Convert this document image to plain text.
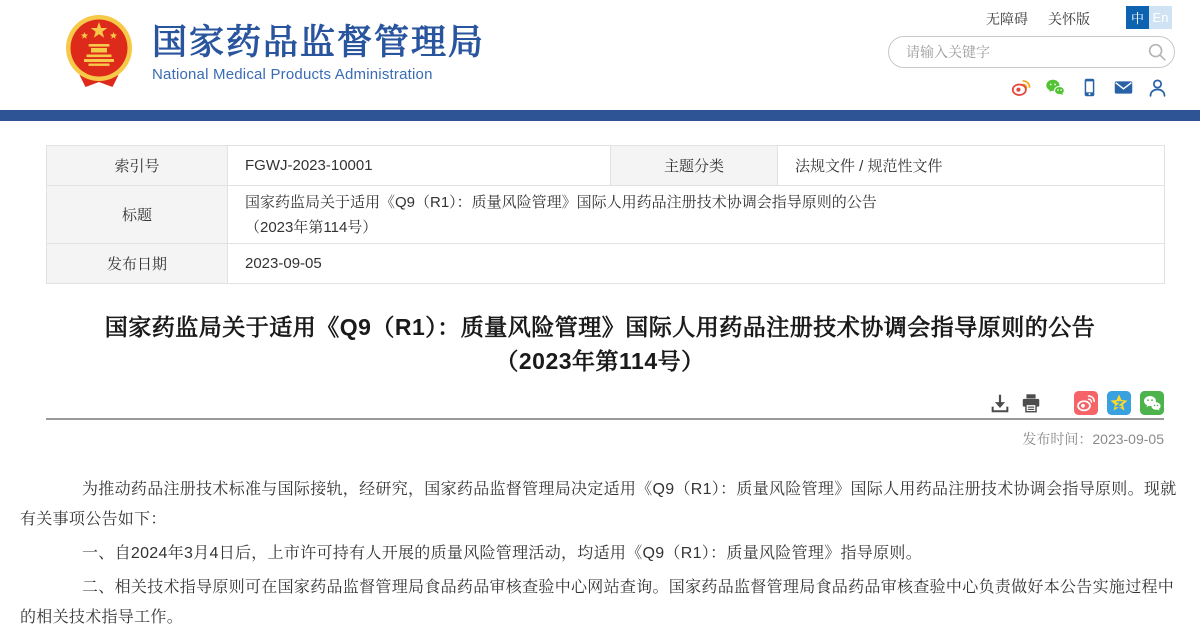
国家药品监督管理局
National Medical Products Administration
无障碍 关怀版	中 En
请输入关键字
索引号	FGWJ-2023-10001	主题分类	法规文件 / 规范性文件
标题	国家药监局关于适用《Q9（R1）：质量风险管理》国际人用药品注册技术协调会指导原则的公告
（2023年第114号）		

发布日期	2023-09-05		
国家药监局关于适用《Q9（R1）：质量风险管理》国际人用药品注册技术协调会指导原则的公告
（2023年第114号）
发布时间：2023-09-05

为推动药品注册技术标准与国际接轨，经研究，国家药品监督管理局决定适用《Q9（R1）：质量风险管理》国际人用药品注册技术协调会指导原则。现就有关事项公告如下：

一、自2024年3月4日后，上市许可持有人开展的质量风险管理活动，均适用《Q9（R1）：质量风险管理》指导原则。

二、相关技术指导原则可在国家药品监督管理局食品药品审核查验中心网站查询。国家药品监督管理局食品药品审核查验中心负责做好本公告实施过程中的相关技术指导工作。
